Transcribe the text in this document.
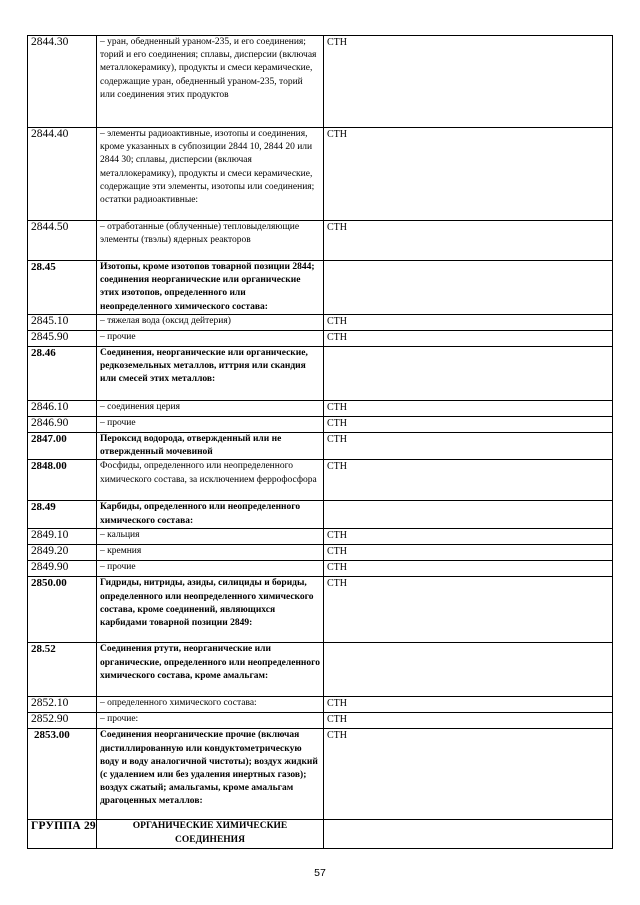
2844.30	– уран, обедненный ураном-235, и его соединения; торий и его соединения; сплавы, дисперсии (включая металлокерамику), продукты и смеси керамические, содержащие уран, обедненный ураном-235, торий или соединения этих продуктов	СТН
2844.40	– элементы радиоактивные, изотопы и соединения, кроме указанных в субпозиции 2844 10, 2844 20 или 2844 30; сплавы, дисперсии (включая металлокерамику), продукты и смеси керамические, содержащие эти элементы, изотопы или соединения; остатки радиоактивные:	СТН
2844.50	– отработанные (облученные) тепловыделяющие элементы (твэлы) ядерных реакторов	СТН
28.45	Изотопы, кроме изотопов товарной позиции 2844; соединения неорганические или органические этих изотопов, определенного или неопределенного химического состава:	
2845.10	– тяжелая вода (оксид дейтерия)	СТН
2845.90	– прочие	СТН
28.46	Соединения, неорганические или органические, редкоземельных металлов, иттрия или скандия или смесей этих металлов:	
2846.10	– соединения церия	СТН
2846.90	– прочие	СТН
2847.00	Пероксид водорода, отвержденный или не отвержденный мочевиной	СТН
2848.00	Фосфиды, определенного или неопределенного химического состава, за исключением феррофосфора	СТН
28.49	Карбиды, определенного или неопределенного химического состава:	
2849.10	– кальция	СТН
2849.20	– кремния	СТН
2849.90	– прочие	СТН
2850.00	Гидриды, нитриды, азиды, силициды и бориды, определенного или неопределенного химического состава, кроме соединений, являющихся карбидами товарной позиции 2849:	СТН
28.52	Соединения ртути, неорганические или органические, определенного или неопределенного химического состава, кроме амальгам:	
2852.10	– определенного химического состава:	СТН
2852.90	– прочие:	СТН
2853.00	Соединения неорганические прочие (включая дистиллированную или кондуктометрическую воду и воду аналогичной чистоты); воздух жидкий (с удалением или без удаления инертных газов); воздух сжатый; амальгамы, кроме амальгам драгоценных металлов:	СТН
ГРУППА 29	ОРГАНИЧЕСКИЕ ХИМИЧЕСКИЕ СОЕДИНЕНИЯ	
57
